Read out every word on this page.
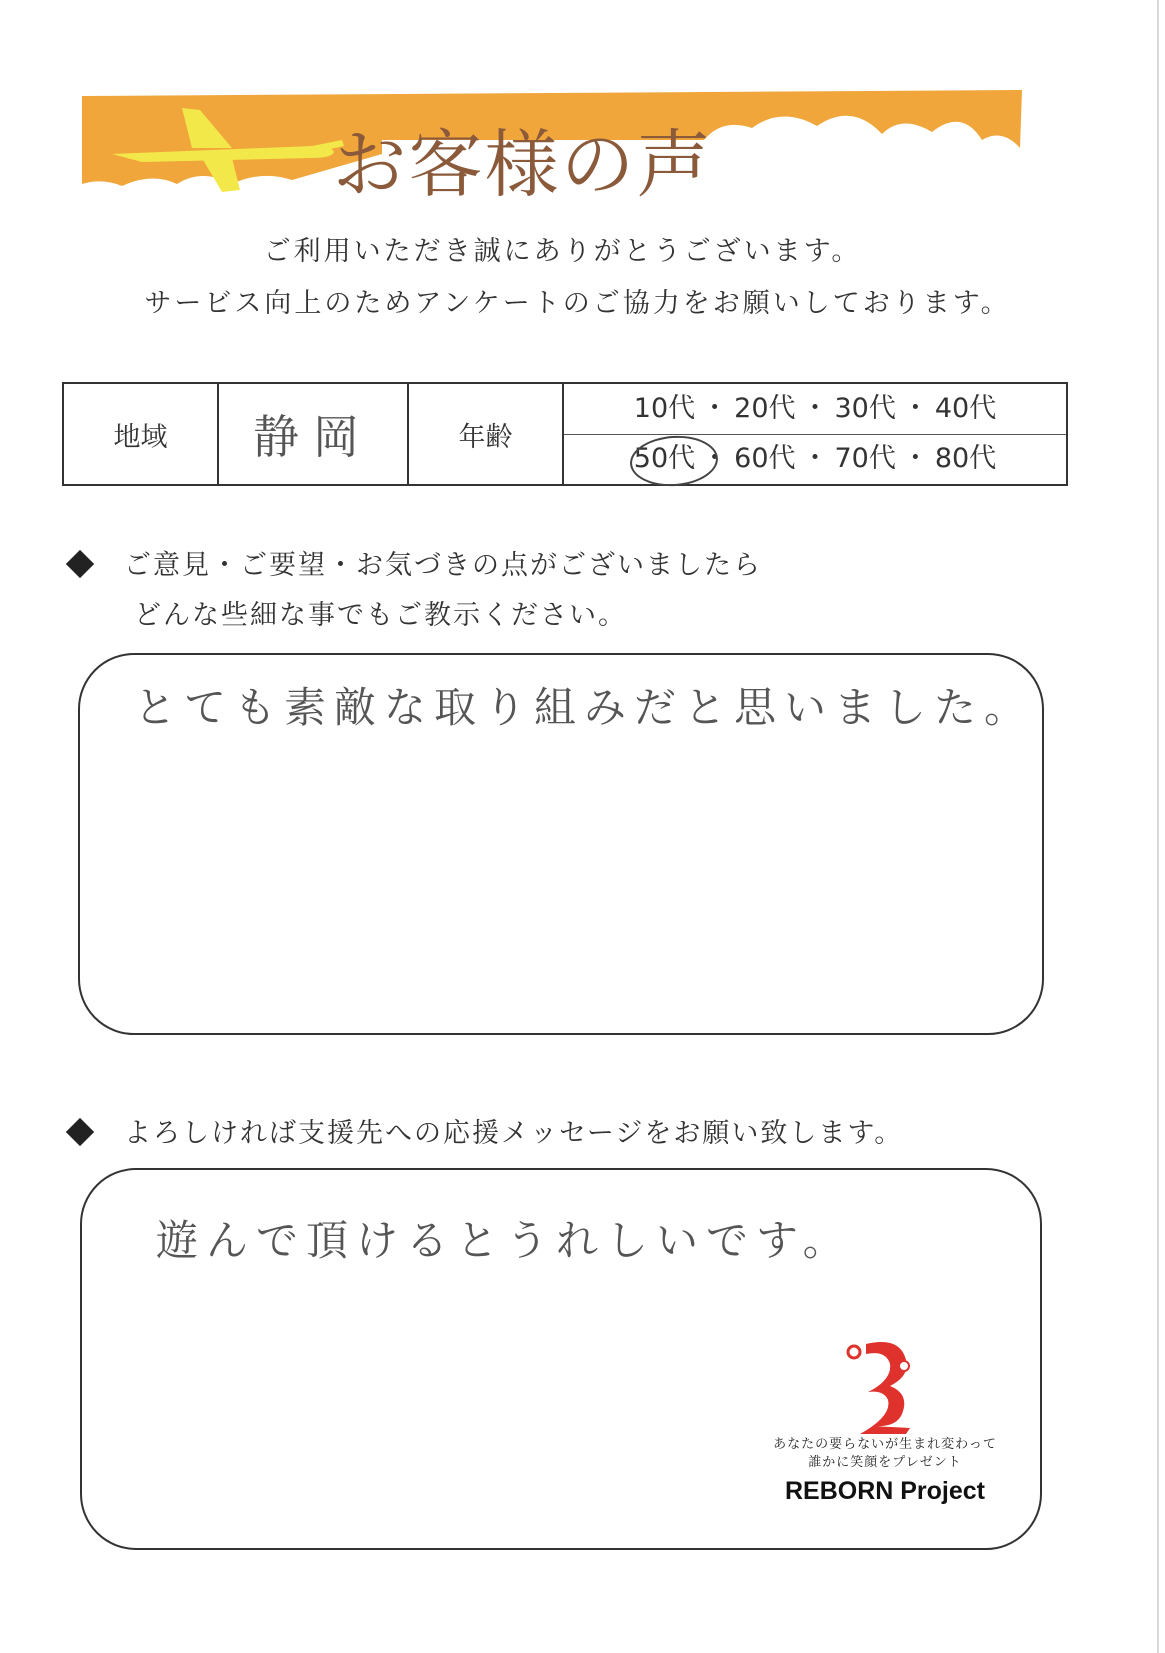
お客様の声
ご利用いただき誠にありがとうございます。
サービス向上のためアンケートのご協力をお願いしております。
地域	静岡	年齢
10代 ・ 20代 ・ 30代 ・ 40代
50代 ・ 60代 ・ 70代 ・ 80代
ご意見・ご要望・お気づきの点がございましたら
どんな些細な事でもご教示ください。
とても素敵な取り組みだと思いました。
よろしければ支援先への応援メッセージをお願い致します。
遊んで頂けるとうれしいです。
あなたの要らないが生まれ変わって
誰かに笑顔をプレゼント
REBORN Project
